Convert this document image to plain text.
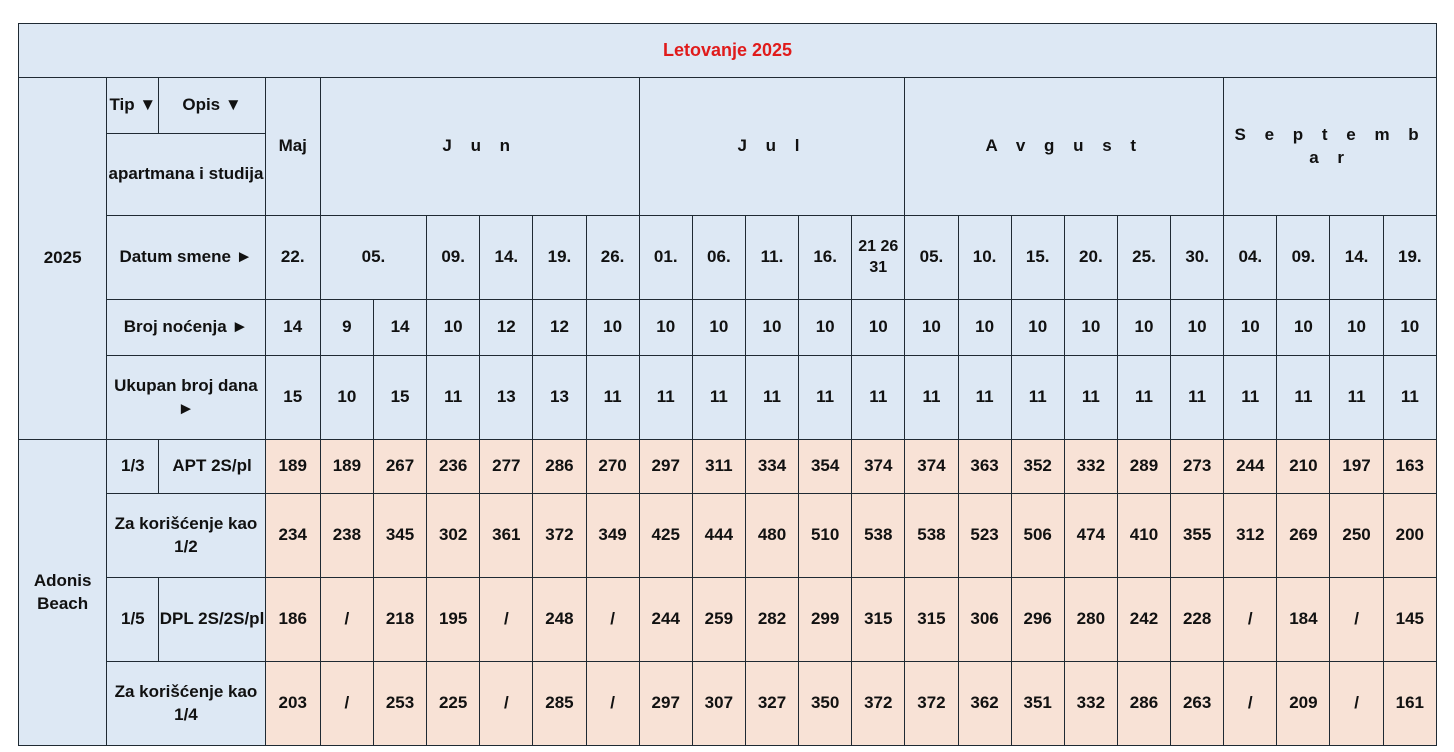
Letovanje 2025																								
2025	Tip ▼	Opis ▼	Maj	J u n						J u l					A v g u s t						S e p t e m b a r			
	apartmana i studija																							
	Datum smene ►		22.	05.		09.	14.	19.	26.	01.	06.	11.	16.	21 26 31	05.	10.	15.	20.	25.	30.	04.	09.	14.	19.
	Broj noćenja ►		14	9	14	10	12	12	10	10	10	10	10	10	10	10	10	10	10	10	10	10	10	10
	Ukupan broj dana ►		15	10	15	11	13	13	11	11	11	11	11	11	11	11	11	11	11	11	11	11	11	11
Adonis Beach	1/3	APT 2S/pl	189	189	267	236	277	286	270	297	311	334	354	374	374	363	352	332	289	273	244	210	197	163
	Za korišćenje kao 1/2		234	238	345	302	361	372	349	425	444	480	510	538	538	523	506	474	410	355	312	269	250	200
	1/5	DPL 2S/2S/pl	186	/	218	195	/	248	/	244	259	282	299	315	315	306	296	280	242	228	/	184	/	145
	Za korišćenje kao 1/4		203	/	253	225	/	285	/	297	307	327	350	372	372	362	351	332	286	263	/	209	/	161
